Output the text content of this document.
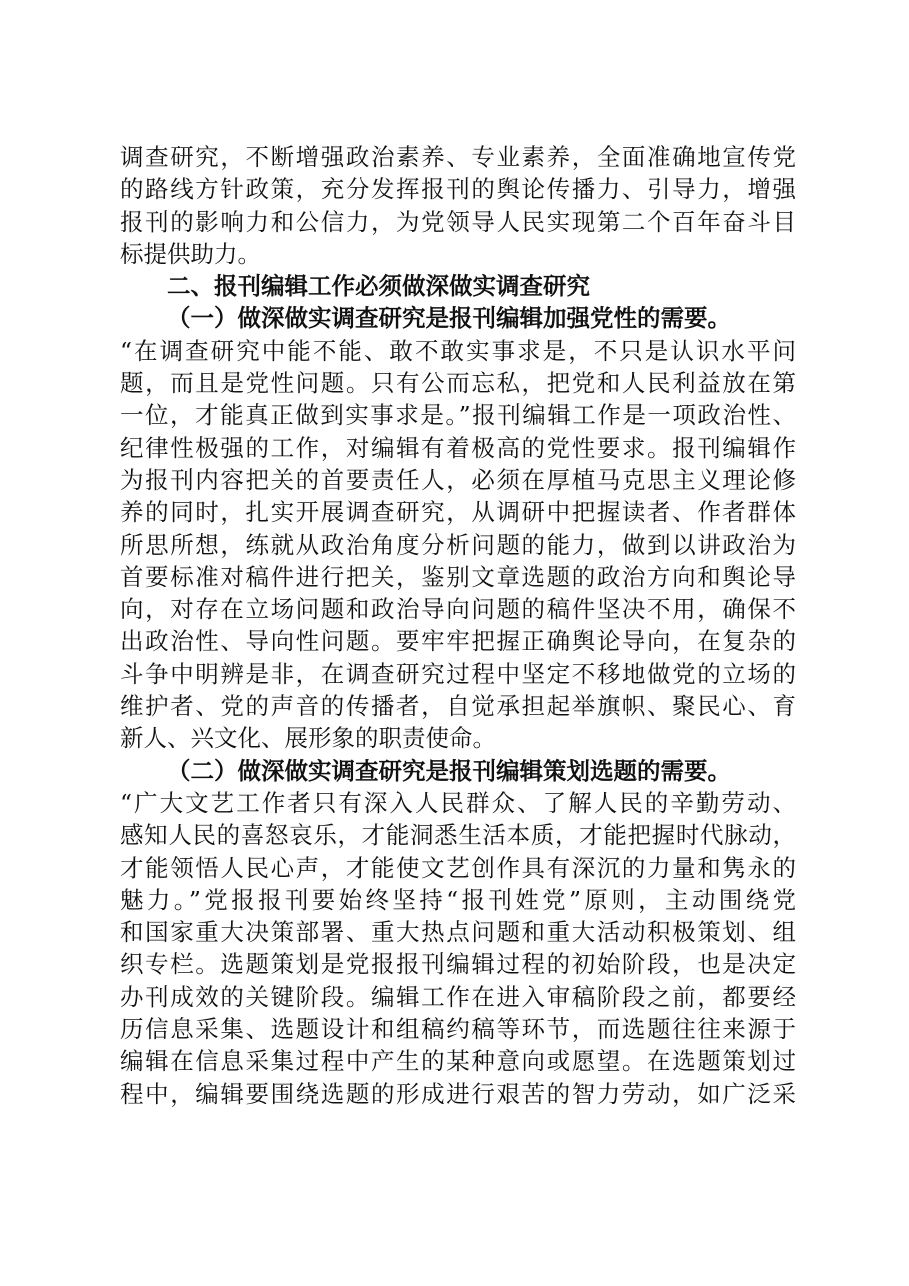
调查研究，不断增强政治素养、专业素养，全面准确地宣传党
的路线方针政策，充分发挥报刊的舆论传播力、引导力，增强
报刊的影响力和公信力，为党领导人民实现第二个百年奋斗目
标提供助力。
二、报刊编辑工作必须做深做实调查研究
（一）做深做实调查研究是报刊编辑加强党性的需要。
“在调查研究中能不能、敢不敢实事求是，不只是认识水平问
题，而且是党性问题。只有公而忘私，把党和人民利益放在第
一位，才能真正做到实事求是。”报刊编辑工作是一项政治性、
纪律性极强的工作，对编辑有着极高的党性要求。报刊编辑作
为报刊内容把关的首要责任人，必须在厚植马克思主义理论修
养的同时，扎实开展调查研究，从调研中把握读者、作者群体
所思所想，练就从政治角度分析问题的能力，做到以讲政治为
首要标准对稿件进行把关，鉴别文章选题的政治方向和舆论导
向，对存在立场问题和政治导向问题的稿件坚决不用，确保不
出政治性、导向性问题。要牢牢把握正确舆论导向，在复杂的
斗争中明辨是非，在调查研究过程中坚定不移地做党的立场的
维护者、党的声音的传播者，自觉承担起举旗帜、聚民心、育
新人、兴文化、展形象的职责使命。
（二）做深做实调查研究是报刊编辑策划选题的需要。
“广大文艺工作者只有深入人民群众、了解人民的辛勤劳动、
感知人民的喜怒哀乐，才能洞悉生活本质，才能把握时代脉动，
才能领悟人民心声，才能使文艺创作具有深沉的力量和隽永的
魅力。”党报报刊要始终坚持“报刊姓党”原则，主动围绕党
和国家重大决策部署、重大热点问题和重大活动积极策划、组
织专栏。选题策划是党报报刊编辑过程的初始阶段，也是决定
办刊成效的关键阶段。编辑工作在进入审稿阶段之前，都要经
历信息采集、选题设计和组稿约稿等环节，而选题往往来源于
编辑在信息采集过程中产生的某种意向或愿望。在选题策划过
程中，编辑要围绕选题的形成进行艰苦的智力劳动，如广泛采
